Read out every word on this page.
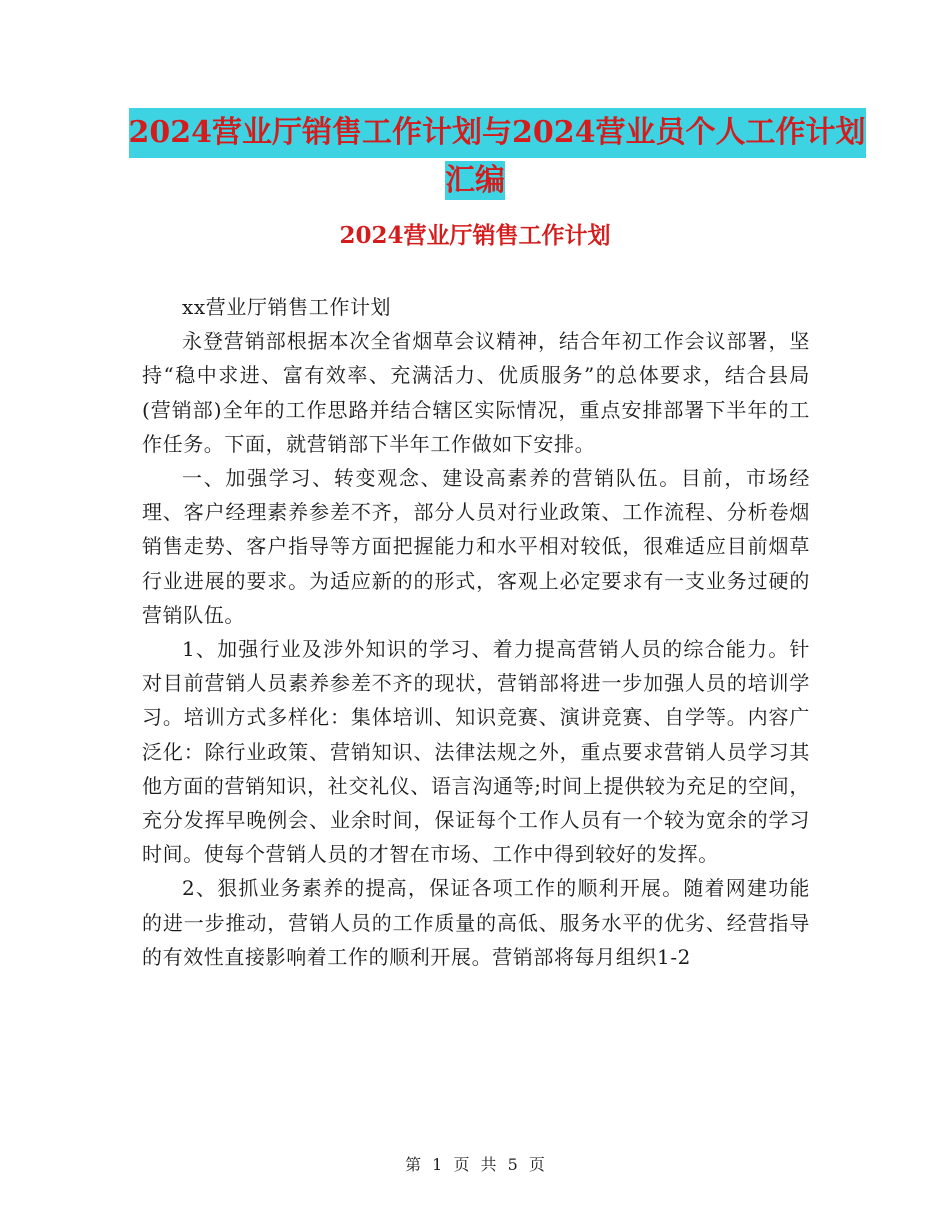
2024营业厅销售工作计划与2024营业员个人工作计划
汇编
2024营业厅销售工作计划

xx营业厅销售工作计划

永登营销部根据本次全省烟草会议精神，结合年初工作会议部署，坚持“稳中求进、富有效率、充满活力、优质服务”的总体要求，结合县局(营销部)全年的工作思路并结合辖区实际情况，重点安排部署下半年的工作任务。下面，就营销部下半年工作做如下安排。

一、加强学习、转变观念、建设高素养的营销队伍。目前，市场经理、客户经理素养参差不齐，部分人员对行业政策、工作流程、分析卷烟销售走势、客户指导等方面把握能力和水平相对较低，很难适应目前烟草行业进展的要求。为适应新的的形式，客观上必定要求有一支业务过硬的营销队伍。

1、加强行业及涉外知识的学习、着力提高营销人员的综合能力。针对目前营销人员素养参差不齐的现状，营销部将进一步加强人员的培训学习。培训方式多样化：集体培训、知识竞赛、演讲竞赛、自学等。内容广泛化：除行业政策、营销知识、法律法规之外，重点要求营销人员学习其他方面的营销知识，社交礼仪、语言沟通等;时间上提供较为充足的空间，充分发挥早晚例会、业余时间，保证每个工作人员有一个较为宽余的学习时间。使每个营销人员的才智在市场、工作中得到较好的发挥。

2、狠抓业务素养的提高，保证各项工作的顺利开展。随着网建功能的进一步推动，营销人员的工作质量的高低、服务水平的优劣、经营指导的有效性直接影响着工作的顺利开展。营销部将每月组织1-2

第 1 页 共 5 页
